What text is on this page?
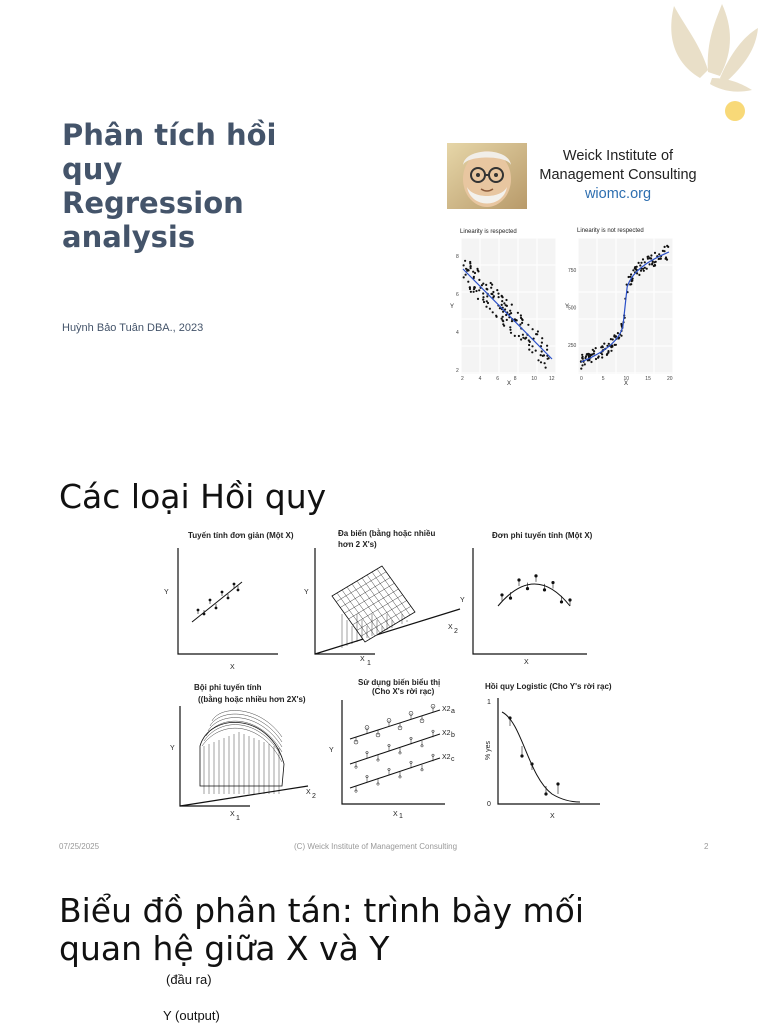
Phân tích hồi
quy
Regression
analysis
Huỳnh Bảo Tuân DBA., 2023
Weick Institute of
Management Consulting
wiomc.org
Linearity is respected	Linearity is not respected
2	4	6	8	10 12
8
6
4
2
0	5	10	15	20
750
500
250
X	X
Y	Y
Các loại Hồi quy
Tuyến tính đơn giản (Một X)
Y
X
Đa biến (bằng hoặc nhiều
hơn 2 X's)
Y
X
1
X
2
Đơn phi tuyến tính (Một X)
Y
X
Bội phi tuyến tính
((bằng hoặc nhiều hơn 2X's)
Y
X
1
X
2
Sử dụng biến biểu thị
(Cho X's rời rạc)
Y
X 1
X2 a
X2 b
X2 c
Hồi quy Logistic (Cho Y's rời rạc)
1
0
% yes
X
07/25/2025	(C) Weick Institute of Management Consulting	2
Biểu đồ phân tán: trình bày mối
quan hệ giữa X và Y
(đầu ra)
Y (output)
